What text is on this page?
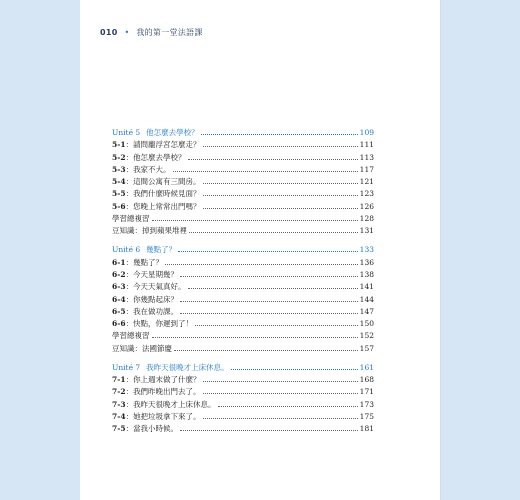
010 • 我的第一堂法語課
Unité 5 他怎麼去學校？	109
5-1：請問龐浮宮怎麼走？	111
5-2：他怎麼去學校？	113
5-3：我家不大。	117
5-4：這間公寓有三間房。	121
5-5：我們什麼時候見面？	123
5-6：您晚上常常出門嗎？	126
學習總複習	128
豆知識：掉到蘋果堆裡	131
Unité 6 幾點了？	133
6-1：幾點了？	136
6-2：今天星期幾？	138
6-3：今天天氣真好。	141
6-4：你幾點起床？	144
6-5：我在做功課。	147
6-6：快點，你遲到了！	150
學習總複習	152
豆知識：法國節慶	157
Unité 7 我昨天很晚才上床休息。	161
7-1：你上週末做了什麼？	168
7-2：我們昨晚出門去了。	171
7-3：我昨天很晚才上床休息。	173
7-4：她把垃圾拿下來了。	175
7-5：當我小時候。	181
